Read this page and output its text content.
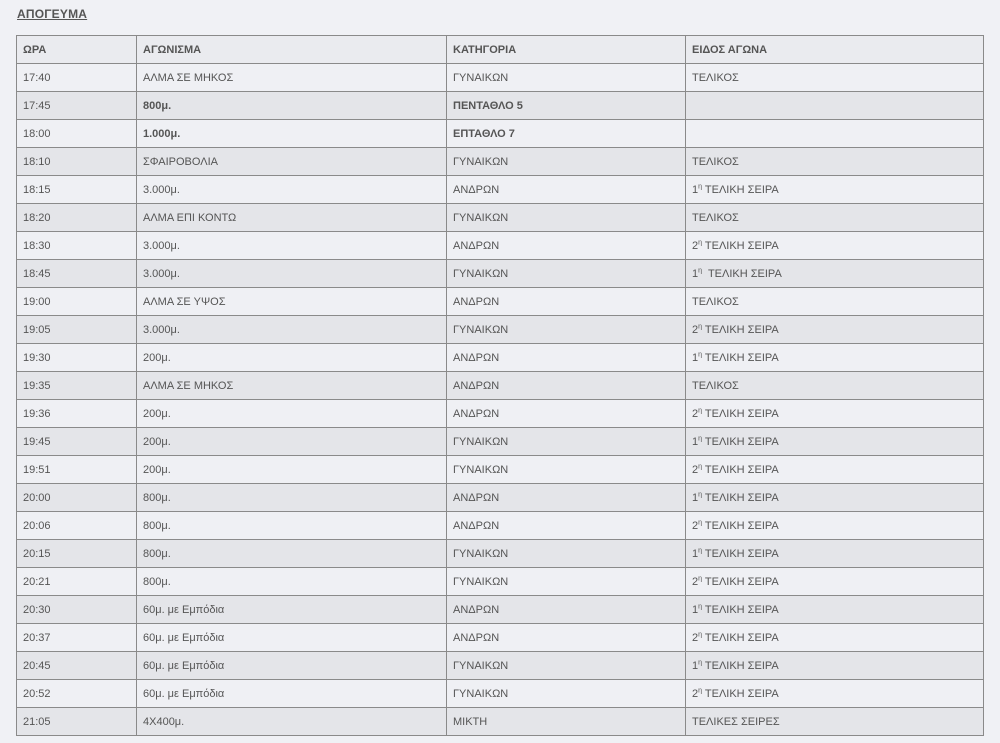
ΑΠΟΓΕΥΜΑ
ΩΡΑ	ΑΓΩΝΙΣΜΑ	ΚΑΤΗΓΟΡΙΑ	ΕΙΔΟΣ ΑΓΩΝΑ
17:40	ΑΛΜΑ ΣΕ ΜΗΚΟΣ	ΓΥΝΑΙΚΩΝ	ΤΕΛΙΚΟΣ
17:45	800μ.	ΠΕΝΤΑΘΛΟ 5	
18:00	1.000μ.	ΕΠΤΑΘΛΟ 7	
18:10	ΣΦΑΙΡΟΒΟΛΙΑ	ΓΥΝΑΙΚΩΝ	ΤΕΛΙΚΟΣ
18:15	3.000μ.	ΑΝΔΡΩΝ	$1^\eta$ ΤΕΛΙΚΗ ΣΕΙΡΑ
18:20	ΑΛΜΑ ΕΠΙ ΚΟΝΤΩ	ΓΥΝΑΙΚΩΝ	ΤΕΛΙΚΟΣ
18:30	3.000μ.	ΑΝΔΡΩΝ	$2^\eta$ ΤΕΛΙΚΗ ΣΕΙΡΑ
18:45	3.000μ.	ΓΥΝΑΙΚΩΝ	$1^\eta$  ΤΕΛΙΚΗ ΣΕΙΡΑ
19:00	ΑΛΜΑ ΣΕ ΥΨΟΣ	ΑΝΔΡΩΝ	ΤΕΛΙΚΟΣ
19:05	3.000μ.	ΓΥΝΑΙΚΩΝ	$2^\eta$ ΤΕΛΙΚΗ ΣΕΙΡΑ
19:30	200μ.	ΑΝΔΡΩΝ	$1^\eta$ ΤΕΛΙΚΗ ΣΕΙΡΑ
19:35	ΑΛΜΑ ΣΕ ΜΗΚΟΣ	ΑΝΔΡΩΝ	ΤΕΛΙΚΟΣ
19:36	200μ.	ΑΝΔΡΩΝ	$2^\eta$ ΤΕΛΙΚΗ ΣΕΙΡΑ
19:45	200μ.	ΓΥΝΑΙΚΩΝ	$1^\eta$ ΤΕΛΙΚΗ ΣΕΙΡΑ
19:51	200μ.	ΓΥΝΑΙΚΩΝ	$2^\eta$ ΤΕΛΙΚΗ ΣΕΙΡΑ
20:00	800μ.	ΑΝΔΡΩΝ	$1^\eta$ ΤΕΛΙΚΗ ΣΕΙΡΑ
20:06	800μ.	ΑΝΔΡΩΝ	$2^\eta$ ΤΕΛΙΚΗ ΣΕΙΡΑ
20:15	800μ.	ΓΥΝΑΙΚΩΝ	$1^\eta$ ΤΕΛΙΚΗ ΣΕΙΡΑ
20:21	800μ.	ΓΥΝΑΙΚΩΝ	$2^\eta$ ΤΕΛΙΚΗ ΣΕΙΡΑ
20:30	60μ. με Εμπόδια	ΑΝΔΡΩΝ	$1^\eta$ ΤΕΛΙΚΗ ΣΕΙΡΑ
20:37	60μ. με Εμπόδια	ΑΝΔΡΩΝ	$2^\eta$ ΤΕΛΙΚΗ ΣΕΙΡΑ
20:45	60μ. με Εμπόδια	ΓΥΝΑΙΚΩΝ	$1^\eta$ ΤΕΛΙΚΗ ΣΕΙΡΑ
20:52	60μ. με Εμπόδια	ΓΥΝΑΙΚΩΝ	$2^\eta$ ΤΕΛΙΚΗ ΣΕΙΡΑ
21:05	4Χ400μ.	ΜΙΚΤΗ	ΤΕΛΙΚΕΣ ΣΕΙΡΕΣ
